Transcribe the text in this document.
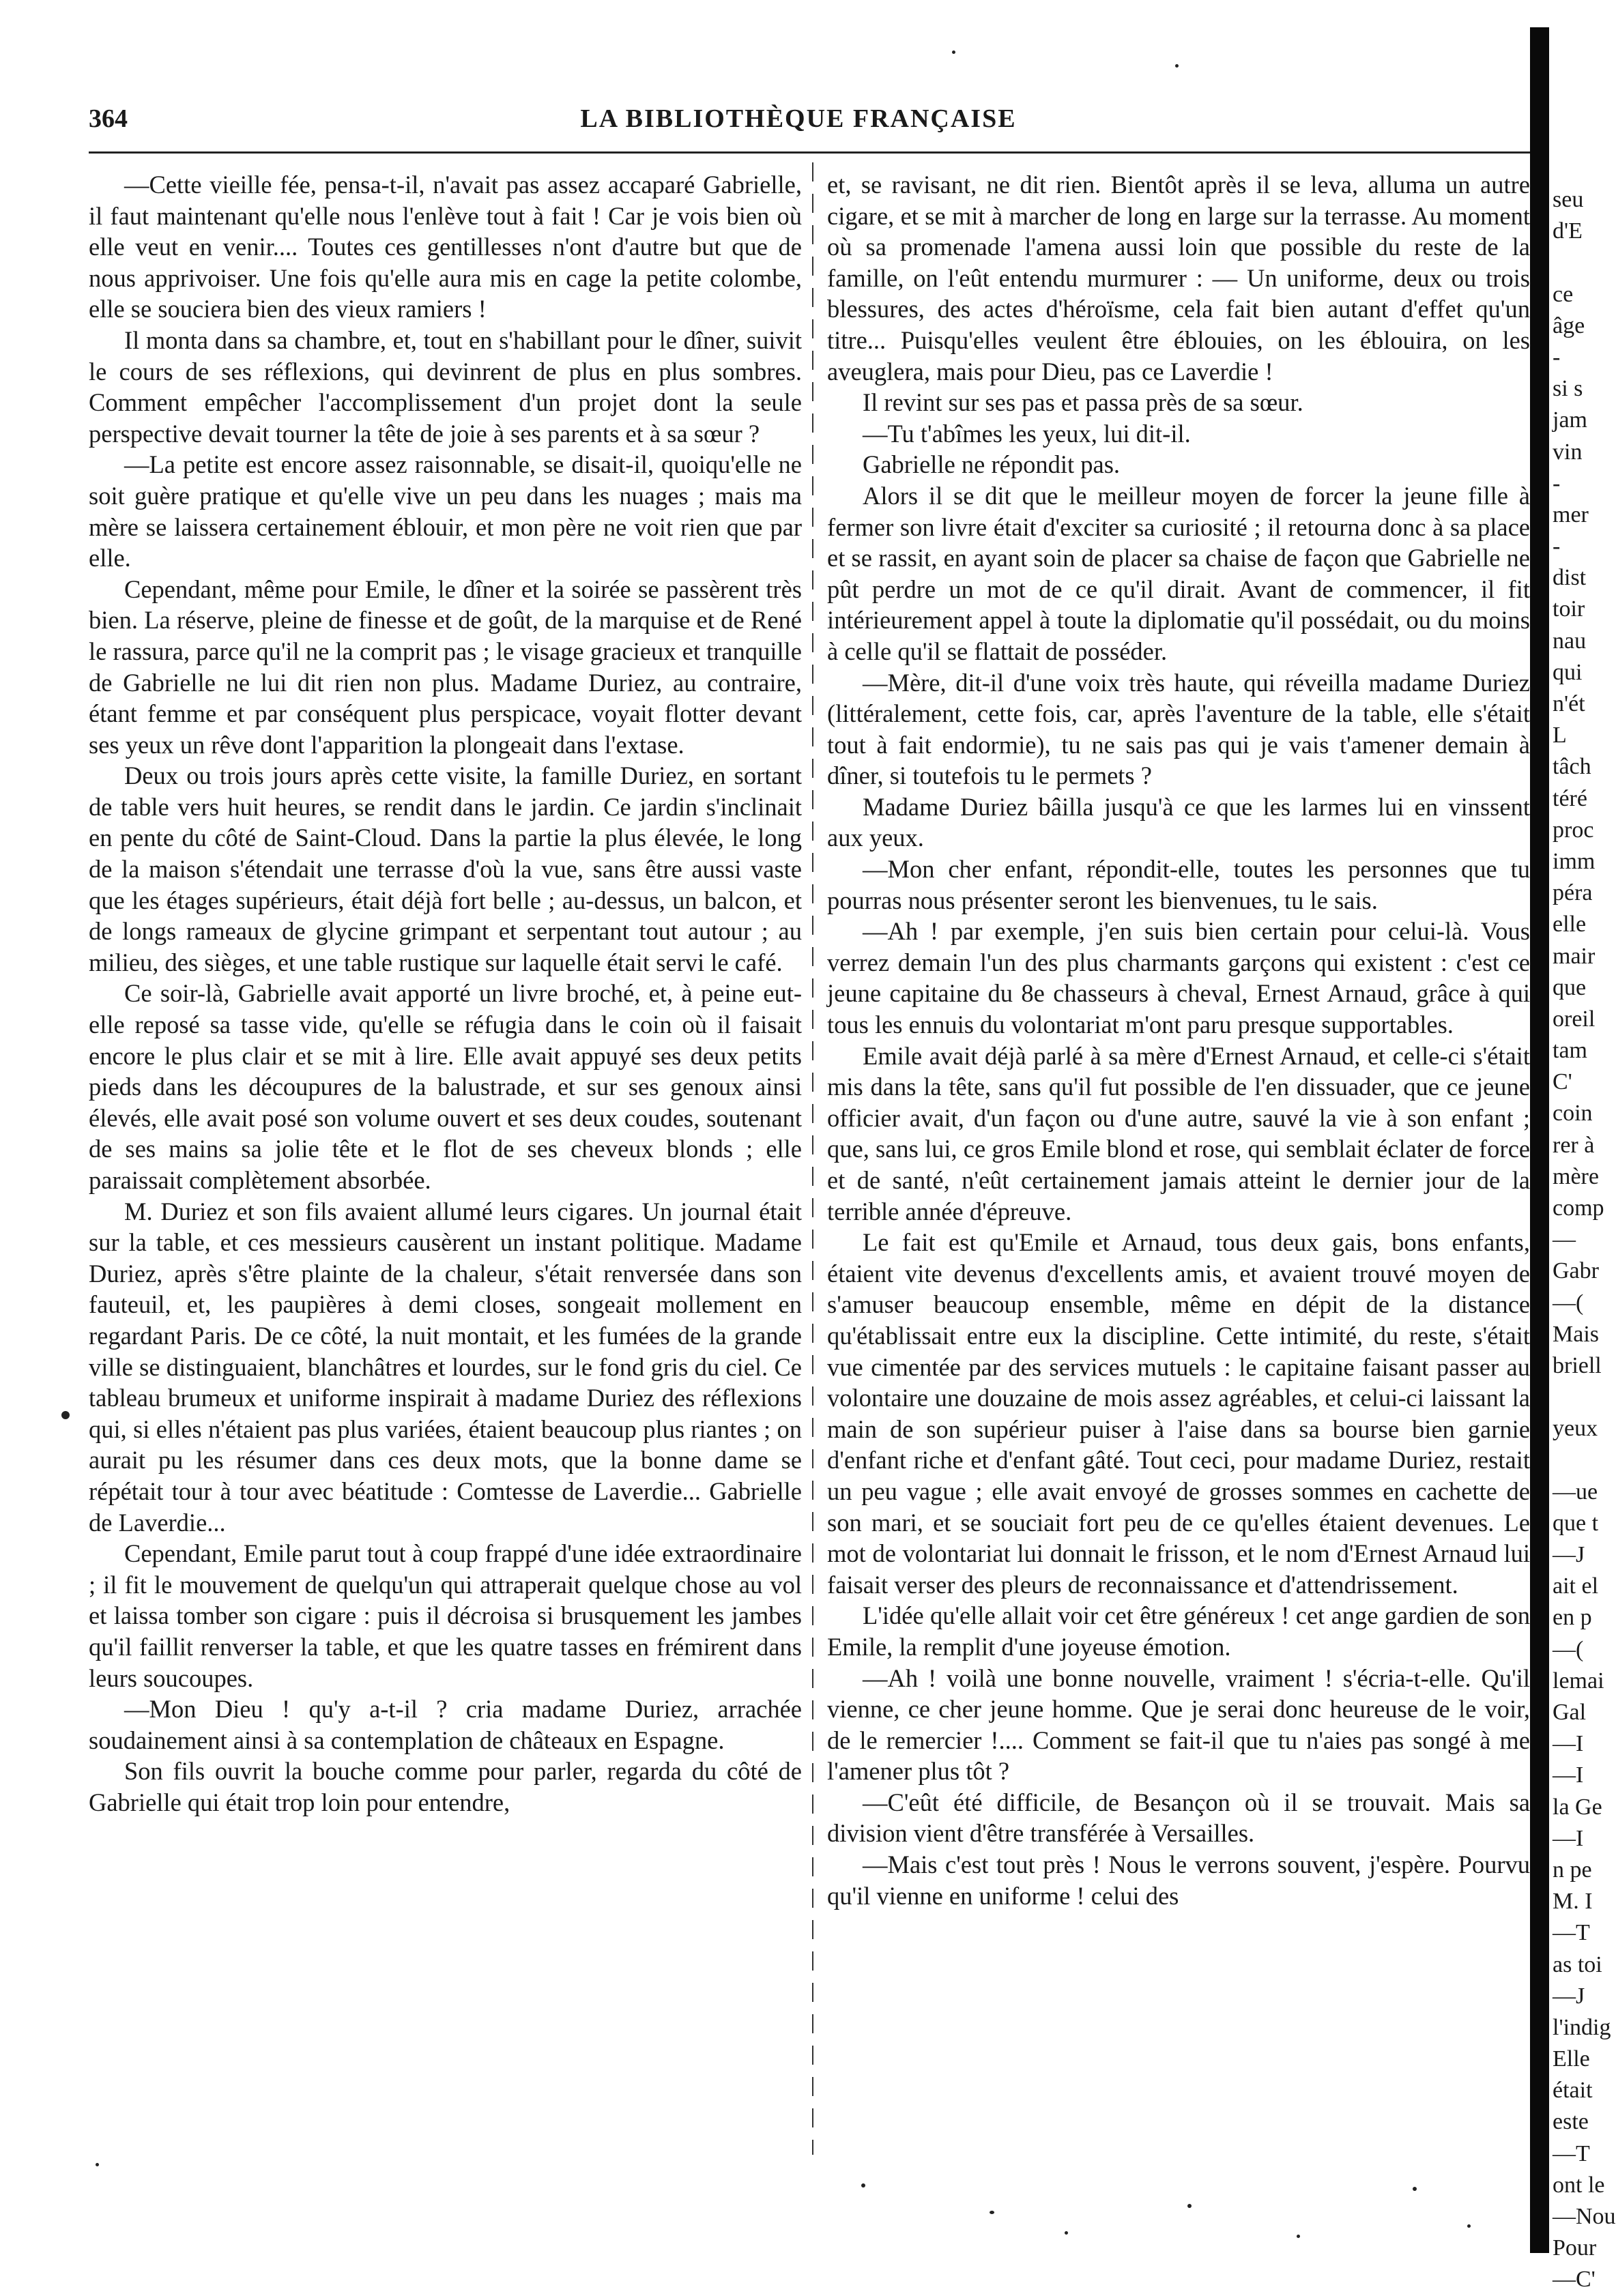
364	LA BIBLIOTHÈQUE FRANÇAISE

—Cette vieille fée, pensa-t-il, n'avait pas assez accaparé Gabrielle, il faut maintenant qu'elle nous l'enlève tout à fait ! Car je vois bien où elle veut en venir.... Toutes ces gentillesses n'ont d'autre but que de nous apprivoiser. Une fois qu'elle aura mis en cage la petite colombe, elle se souciera bien des vieux ramiers !

Il monta dans sa chambre, et, tout en s'habillant pour le dîner, suivit le cours de ses réflexions, qui devinrent de plus en plus sombres. Comment empêcher l'accomplissement d'un projet dont la seule perspective devait tourner la tête de joie à ses parents et à sa sœur ?

—La petite est encore assez raisonnable, se disait-il, quoiqu'elle ne soit guère pratique et qu'elle vive un peu dans les nuages ; mais ma mère se laissera certainement éblouir, et mon père ne voit rien que par elle.

Cependant, même pour Emile, le dîner et la soirée se passèrent très bien. La réserve, pleine de finesse et de goût, de la marquise et de René le rassura, parce qu'il ne la comprit pas ; le visage gracieux et tranquille de Gabrielle ne lui dit rien non plus. Madame Duriez, au contraire, étant femme et par conséquent plus perspicace, voyait flotter devant ses yeux un rêve dont l'apparition la plongeait dans l'extase.

Deux ou trois jours après cette visite, la famille Duriez, en sortant de table vers huit heures, se rendit dans le jardin. Ce jardin s'inclinait en pente du côté de Saint-Cloud. Dans la partie la plus élevée, le long de la maison s'étendait une terrasse d'où la vue, sans être aussi vaste que les étages supérieurs, était déjà fort belle ; au-dessus, un balcon, et de longs rameaux de glycine grimpant et serpentant tout autour ; au milieu, des sièges, et une table rustique sur laquelle était servi le café.

Ce soir-là, Gabrielle avait apporté un livre broché, et, à peine eut-elle reposé sa tasse vide, qu'elle se réfugia dans le coin où il faisait encore le plus clair et se mit à lire. Elle avait appuyé ses deux petits pieds dans les découpures de la balustrade, et sur ses genoux ainsi élevés, elle avait posé son volume ouvert et ses deux coudes, soutenant de ses mains sa jolie tête et le flot de ses cheveux blonds ; elle paraissait complètement absorbée.

M. Duriez et son fils avaient allumé leurs cigares. Un journal était sur la table, et ces messieurs causèrent un instant politique. Madame Duriez, après s'être plainte de la chaleur, s'était renversée dans son fauteuil, et, les paupières à demi closes, songeait mollement en regardant Paris. De ce côté, la nuit montait, et les fumées de la grande ville se distinguaient, blanchâtres et lourdes, sur le fond gris du ciel. Ce tableau brumeux et uniforme inspirait à madame Duriez des réflexions qui, si elles n'étaient pas plus variées, étaient beaucoup plus riantes ; on aurait pu les résumer dans ces deux mots, que la bonne dame se répétait tour à tour avec béatitude : Comtesse de Laverdie... Gabrielle de Laverdie...

Cependant, Emile parut tout à coup frappé d'une idée extraordinaire ; il fit le mouvement de quelqu'un qui attraperait quelque chose au vol et laissa tomber son cigare : puis il décroisa si brusquement les jambes qu'il faillit renverser la table, et que les quatre tasses en frémirent dans leurs soucoupes.

—Mon Dieu ! qu'y a-t-il ? cria madame Duriez, arrachée soudainement ainsi à sa contemplation de châteaux en Espagne.

Son fils ouvrit la bouche comme pour parler, regarda du côté de Gabrielle qui était trop loin pour entendre,

et, se ravisant, ne dit rien. Bientôt après il se leva, alluma un autre cigare, et se mit à marcher de long en large sur la terrasse. Au moment où sa promenade l'amena aussi loin que possible du reste de la famille, on l'eût entendu murmurer : — Un uniforme, deux ou trois blessures, des actes d'héroïsme, cela fait bien autant d'effet qu'un titre... Puisqu'elles veulent être éblouies, on les éblouira, on les aveuglera, mais pour Dieu, pas ce Laverdie !

Il revint sur ses pas et passa près de sa sœur.

—Tu t'abîmes les yeux, lui dit-il.

Gabrielle ne répondit pas.

Alors il se dit que le meilleur moyen de forcer la jeune fille à fermer son livre était d'exciter sa curiosité ; il retourna donc à sa place et se rassit, en ayant soin de placer sa chaise de façon que Gabrielle ne pût perdre un mot de ce qu'il dirait. Avant de commencer, il fit intérieurement appel à toute la diplomatie qu'il possédait, ou du moins à celle qu'il se flattait de posséder.

—Mère, dit-il d'une voix très haute, qui réveilla madame Duriez (littéralement, cette fois, car, après l'aventure de la table, elle s'était tout à fait endormie), tu ne sais pas qui je vais t'amener demain à dîner, si toutefois tu le permets ?

Madame Duriez bâilla jusqu'à ce que les larmes lui en vinssent aux yeux.

—Mon cher enfant, répondit-elle, toutes les personnes que tu pourras nous présenter seront les bienvenues, tu le sais.

—Ah ! par exemple, j'en suis bien certain pour celui-là. Vous verrez demain l'un des plus charmants garçons qui existent : c'est ce jeune capitaine du 8e chasseurs à cheval, Ernest Arnaud, grâce à qui tous les ennuis du volontariat m'ont paru presque supportables.

Emile avait déjà parlé à sa mère d'Ernest Arnaud, et celle-ci s'était mis dans la tête, sans qu'il fut possible de l'en dissuader, que ce jeune officier avait, d'un façon ou d'une autre, sauvé la vie à son enfant ; que, sans lui, ce gros Emile blond et rose, qui semblait éclater de force et de santé, n'eût certainement jamais atteint le dernier jour de la terrible année d'épreuve.

Le fait est qu'Emile et Arnaud, tous deux gais, bons enfants, étaient vite devenus d'excellents amis, et avaient trouvé moyen de s'amuser beaucoup ensemble, même en dépit de la distance qu'établissait entre eux la discipline. Cette intimité, du reste, s'était vue cimentée par des services mutuels : le capitaine faisant passer au volontaire une douzaine de mois assez agréables, et celui-ci laissant la main de son supérieur puiser à l'aise dans sa bourse bien garnie d'enfant riche et d'enfant gâté. Tout ceci, pour madame Duriez, restait un peu vague ; elle avait envoyé de grosses sommes en cachette de son mari, et se souciait fort peu de ce qu'elles étaient devenues. Le mot de volontariat lui donnait le frisson, et le nom d'Ernest Arnaud lui faisait verser des pleurs de reconnaissance et d'attendrissement.

L'idée qu'elle allait voir cet être généreux ! cet ange gardien de son Emile, la remplit d'une joyeuse émotion.

—Ah ! voilà une bonne nouvelle, vraiment ! s'écria-t-elle. Qu'il vienne, ce cher jeune homme. Que je serai donc heureuse de le voir, de le remercier !.... Comment se fait-il que tu n'aies pas songé à me l'amener plus tôt ?

—C'eût été difficile, de Besançon où il se trouvait. Mais sa division vient d'être transférée à Versailles.

—Mais c'est tout près ! Nous le verrons souvent, j'espère. Pourvu qu'il vienne en uniforme ! celui des

seu
d'E
ce
âge
-
si s
jam
vin
-
mer
-
dist
toir
nau
qui
n'ét
L
tâch
téré
proc
imm
péra
elle
mair
que
oreil
tam
C'
coin
rer à
mère
comp
—
Gabr
—(
Mais
briell
yeux
—ue
que t
—J
ait el
en p
—(
lemai
Gal
—I
—I
la Ge
—I
n pe
M. I
—T
as toi
—J
l'indig
Elle
était
este
—T
ont le
—Nou
Pour
—C'
